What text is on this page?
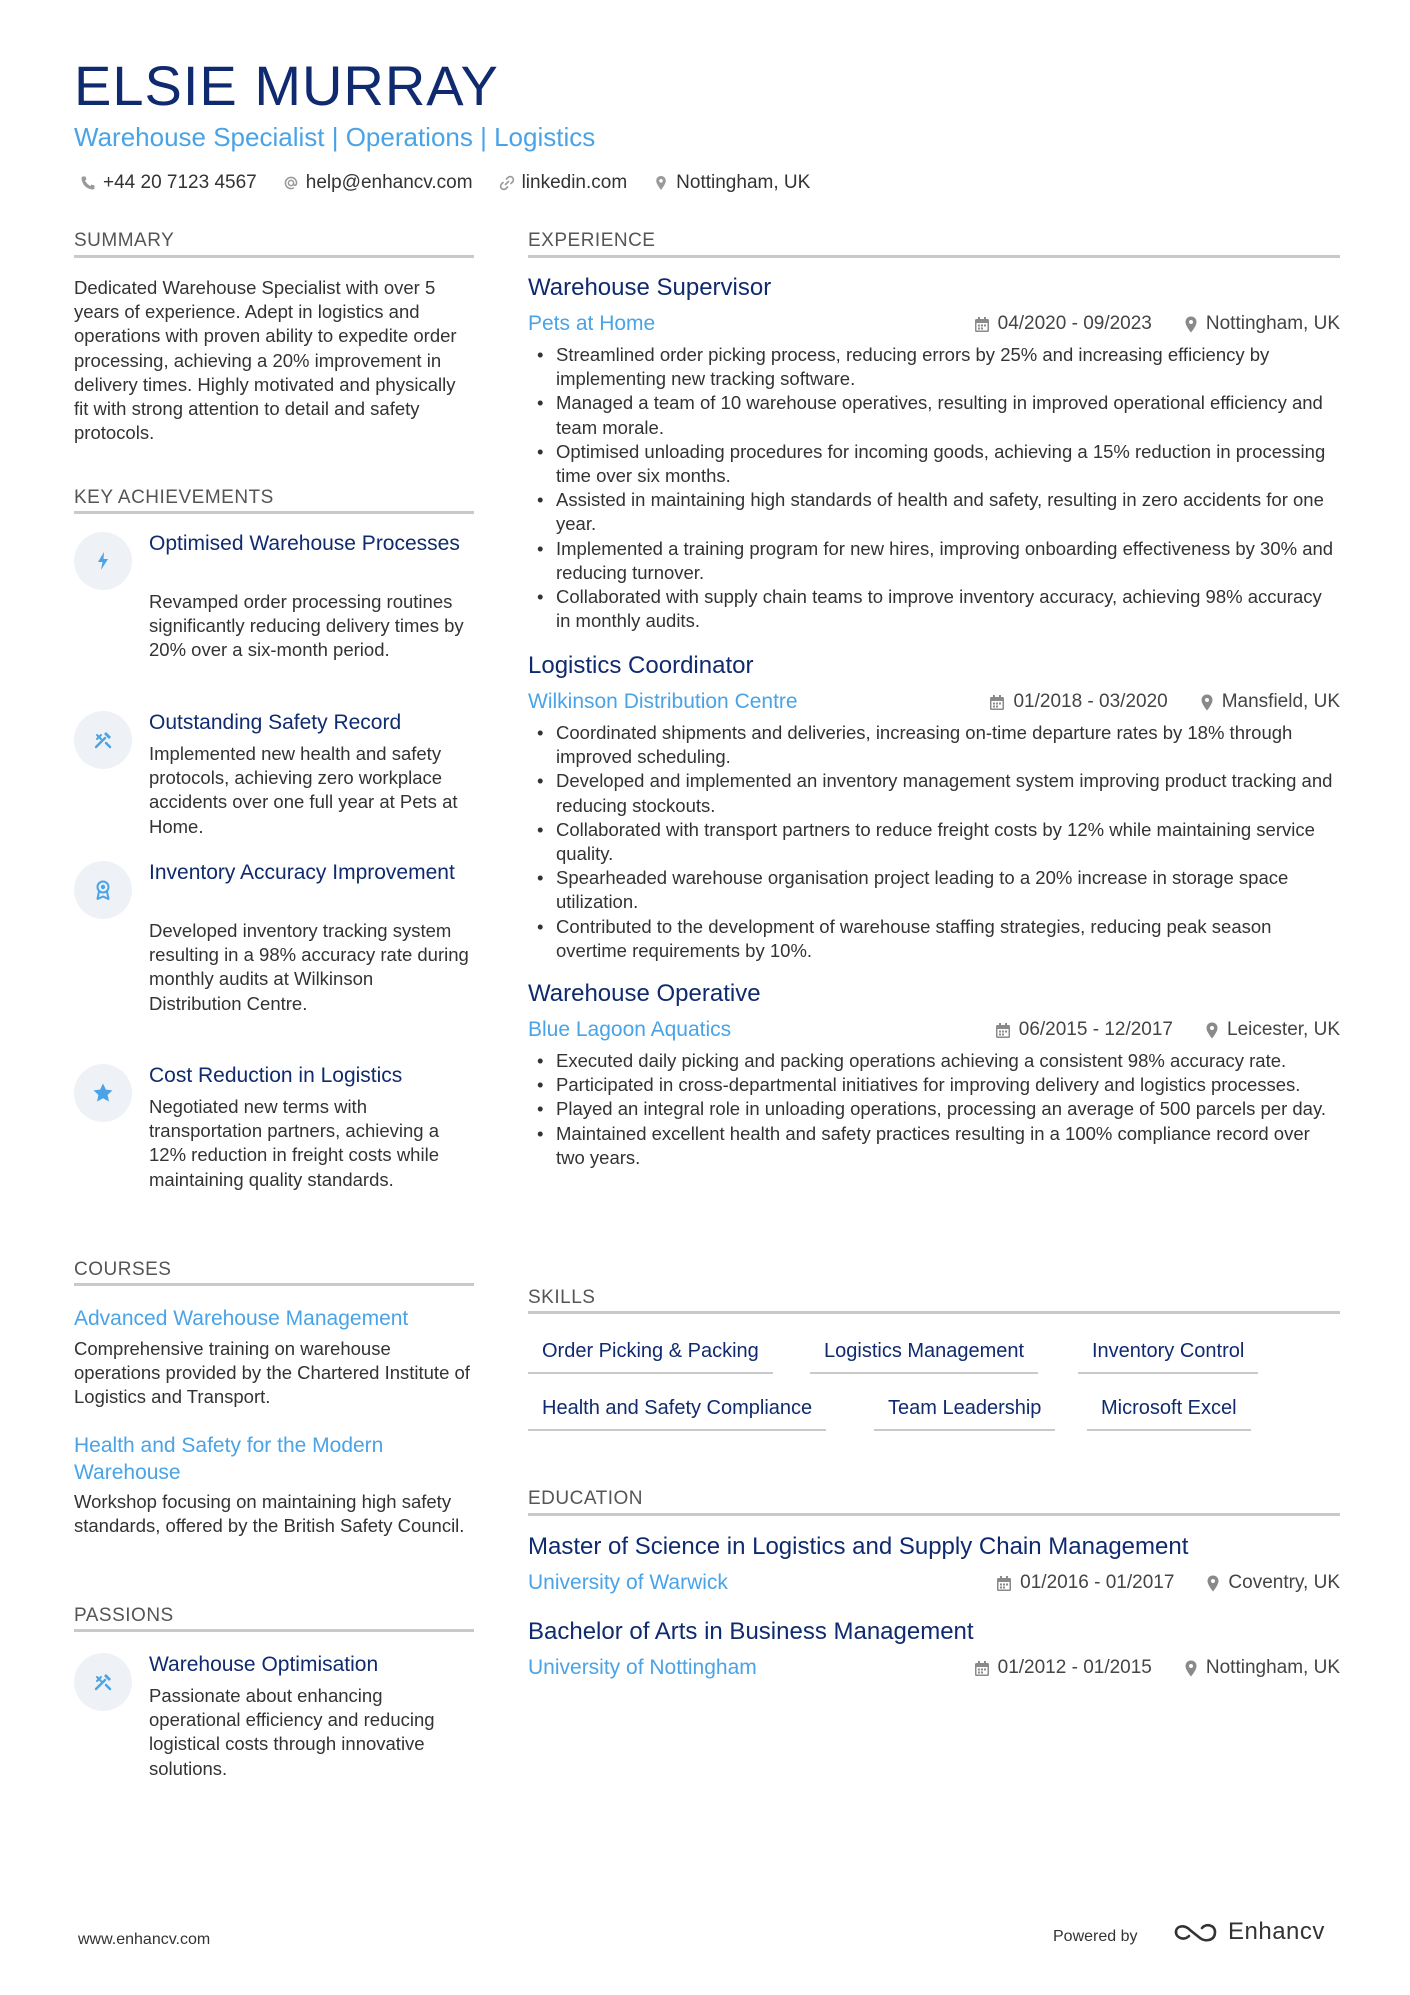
ELSIE MURRAY
Warehouse Specialist | Operations | Logistics
+44 20 7123 4567	help@enhancv.com	linkedin.com	Nottingham, UK
SUMMARY
Dedicated Warehouse Specialist with over 5 years of experience. Adept in logistics and operations with proven ability to expedite order processing, achieving a 20% improvement in delivery times. Highly motivated and physically fit with strong attention to detail and safety protocols.
KEY ACHIEVEMENTS
Optimised Warehouse Processes
Revamped order processing routines significantly reducing delivery times by 20% over a six-month period.
Outstanding Safety Record
Implemented new health and safety protocols, achieving zero workplace accidents over one full year at Pets at Home.
Inventory Accuracy Improvement
Developed inventory tracking system resulting in a 98% accuracy rate during monthly audits at Wilkinson Distribution Centre.
Cost Reduction in Logistics
Negotiated new terms with transportation partners, achieving a 12% reduction in freight costs while maintaining quality standards.
COURSES
Advanced Warehouse Management
Comprehensive training on warehouse operations provided by the Chartered Institute of Logistics and Transport.
Health and Safety for the Modern Warehouse
Workshop focusing on maintaining high safety standards, offered by the British Safety Council.
PASSIONS
Warehouse Optimisation
Passionate about enhancing operational efficiency and reducing logistical costs through innovative solutions.
EXPERIENCE
Warehouse Supervisor
Pets at Home	04/2020 - 09/2023	Nottingham, UK
• Streamlined order picking process, reducing errors by 25% and increasing efficiency by implementing new tracking software.
• Managed a team of 10 warehouse operatives, resulting in improved operational efficiency and team morale.
• Optimised unloading procedures for incoming goods, achieving a 15% reduction in processing time over six months.
• Assisted in maintaining high standards of health and safety, resulting in zero accidents for one year.
• Implemented a training program for new hires, improving onboarding effectiveness by 30% and reducing turnover.
• Collaborated with supply chain teams to improve inventory accuracy, achieving 98% accuracy in monthly audits.
Logistics Coordinator
Wilkinson Distribution Centre	01/2018 - 03/2020	Mansfield, UK
• Coordinated shipments and deliveries, increasing on-time departure rates by 18% through improved scheduling.
• Developed and implemented an inventory management system improving product tracking and reducing stockouts.
• Collaborated with transport partners to reduce freight costs by 12% while maintaining service quality.
• Spearheaded warehouse organisation project leading to a 20% increase in storage space utilization.
• Contributed to the development of warehouse staffing strategies, reducing peak season overtime requirements by 10%.
Warehouse Operative
Blue Lagoon Aquatics	06/2015 - 12/2017	Leicester, UK
• Executed daily picking and packing operations achieving a consistent 98% accuracy rate.
• Participated in cross-departmental initiatives for improving delivery and logistics processes.
• Played an integral role in unloading operations, processing an average of 500 parcels per day.
• Maintained excellent health and safety practices resulting in a 100% compliance record over two years.
SKILLS
Order Picking & Packing	Logistics Management	Inventory Control
Health and Safety Compliance	Team Leadership	Microsoft Excel
EDUCATION
Master of Science in Logistics and Supply Chain Management
University of Warwick	01/2016 - 01/2017	Coventry, UK
Bachelor of Arts in Business Management
University of Nottingham	01/2012 - 01/2015	Nottingham, UK
www.enhancv.com	Powered by	Enhancv
